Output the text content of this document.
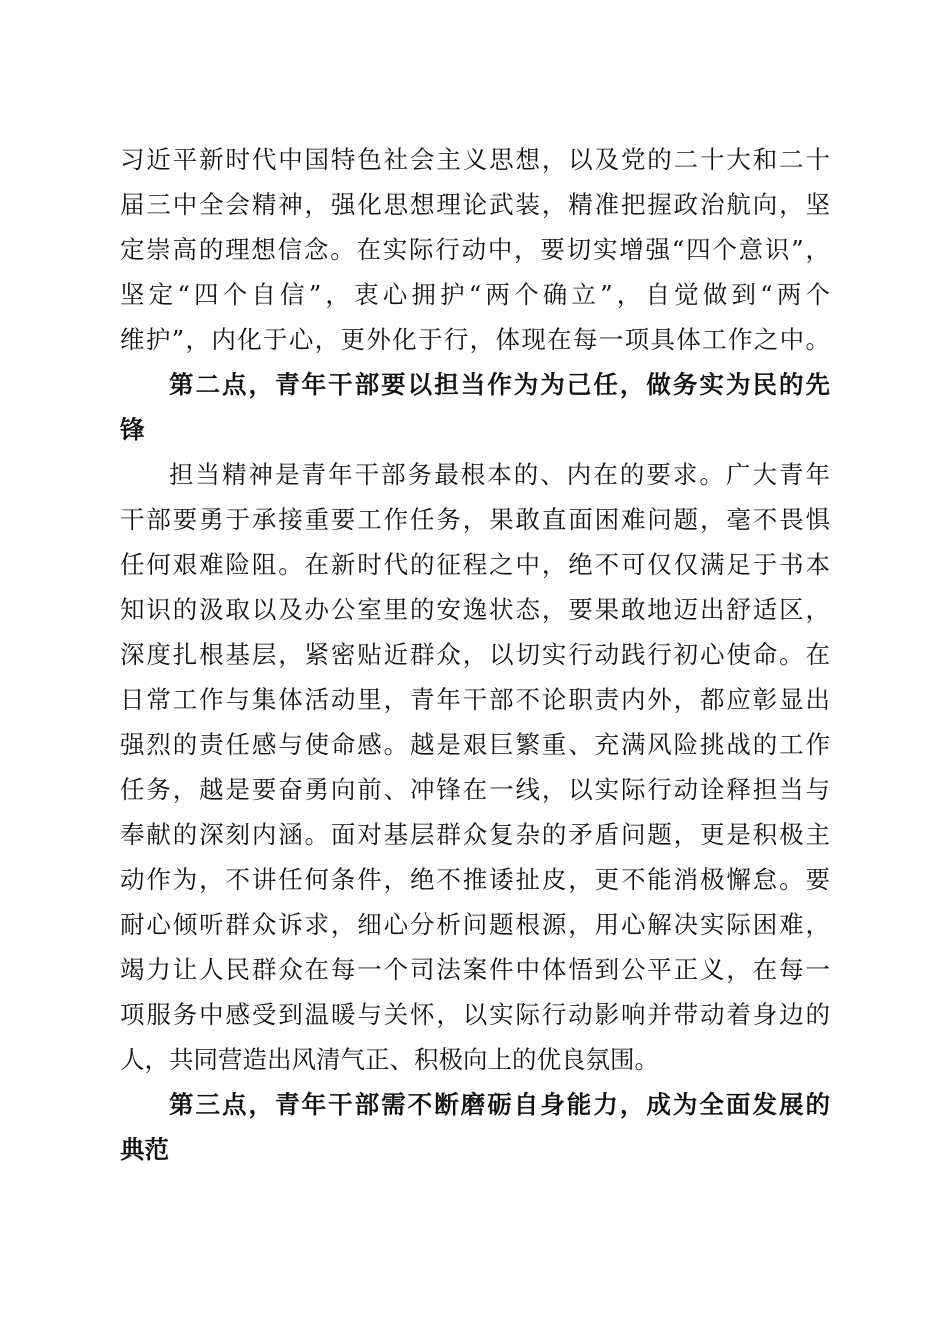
习近平新时代中国特色社会主义思想，以及党的二十大和二十
届三中全会精神，强化思想理论武装，精准把握政治航向，坚
定崇高的理想信念。在实际行动中，要切实增强“四个意识”，
坚定“四个自信”，衷心拥护“两个确立”，自觉做到“两个
维护”，内化于心，更外化于行，体现在每一项具体工作之中。
第二点，青年干部要以担当作为为己任，做务实为民的先
锋
担当精神是青年干部务最根本的、内在的要求。广大青年
干部要勇于承接重要工作任务，果敢直面困难问题，毫不畏惧
任何艰难险阻。在新时代的征程之中，绝不可仅仅满足于书本
知识的汲取以及办公室里的安逸状态，要果敢地迈出舒适区，
深度扎根基层，紧密贴近群众，以切实行动践行初心使命。在
日常工作与集体活动里，青年干部不论职责内外，都应彰显出
强烈的责任感与使命感。越是艰巨繁重、充满风险挑战的工作
任务，越是要奋勇向前、冲锋在一线，以实际行动诠释担当与
奉献的深刻内涵。面对基层群众复杂的矛盾问题，更是积极主
动作为，不讲任何条件，绝不推诿扯皮，更不能消极懈怠。要
耐心倾听群众诉求，细心分析问题根源，用心解决实际困难，
竭力让人民群众在每一个司法案件中体悟到公平正义，在每一
项服务中感受到温暖与关怀，以实际行动影响并带动着身边的
人，共同营造出风清气正、积极向上的优良氛围。
第三点，青年干部需不断磨砺自身能力，成为全面发展的
典范
